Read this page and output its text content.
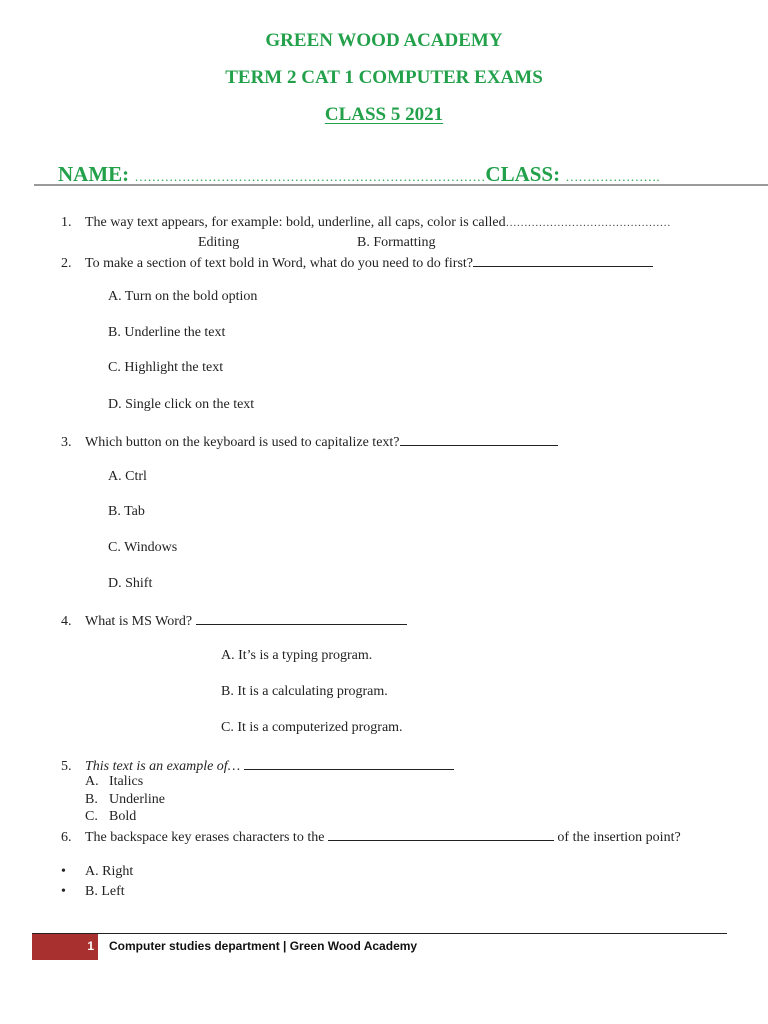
GREEN WOOD ACADEMY
TERM 2 CAT 1 COMPUTER EXAMS
CLASS 5 2021
NAME: ………………………………………………………………………CLASS: ………………….
1. The way text appears, for example: bold, underline, all caps, color is called………………………………………
Editing	B. Formatting
2. To make a section of text bold in Word, what do you need to do first?
A. Turn on the bold option
B. Underline the text
C. Highlight the text
D. Single click on the text
3. Which button on the keyboard is used to capitalize text?
A. Ctrl
B. Tab
C. Windows
D. Shift
4. What is MS Word?
A. It’s is a typing program.
B. It is a calculating program.
C. It is a computerized program.
5. This text is an example of…
A. Italics
B. Underline
C. Bold
6. The backspace key erases characters to the	of the insertion point?
• A. Right
• B. Left
1 Computer studies department | Green Wood Academy
